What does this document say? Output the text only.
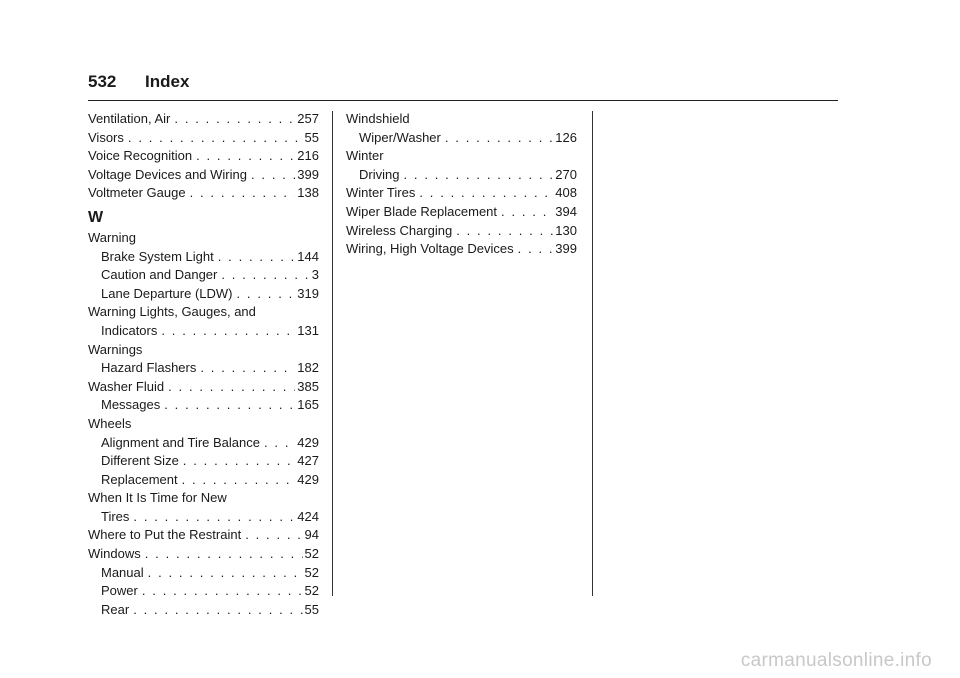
532 Index
Ventilation, Air . . .	257
Visors . . .	55
Voice Recognition . . .	216
Voltage Devices and Wiring . . .	399
Voltmeter Gauge . . .	138
W
Warning
Brake System Light . . .	144
Caution and Danger . . .	3
Lane Departure (LDW) . . .	319
Warning Lights, Gauges, and
Indicators . . .	131
Warnings
Hazard Flashers . . .	182
Washer Fluid . . .	385
Messages . . .	165
Wheels
Alignment and Tire Balance . . .	429
Different Size . . .	427
Replacement . . .	429
When It Is Time for New
Tires . . .	424
Where to Put the Restraint . . .	94
Windows . . .	52
Manual . . .	52
Power . . .	52
Rear . . .	55
Windshield
Wiper/Washer . . .	126
Winter
Driving . . .	270
Winter Tires . . .	408
Wiper Blade Replacement . . .	394
Wireless Charging . . .	130
Wiring, High Voltage Devices . . .	399
carmanualsonline.info
